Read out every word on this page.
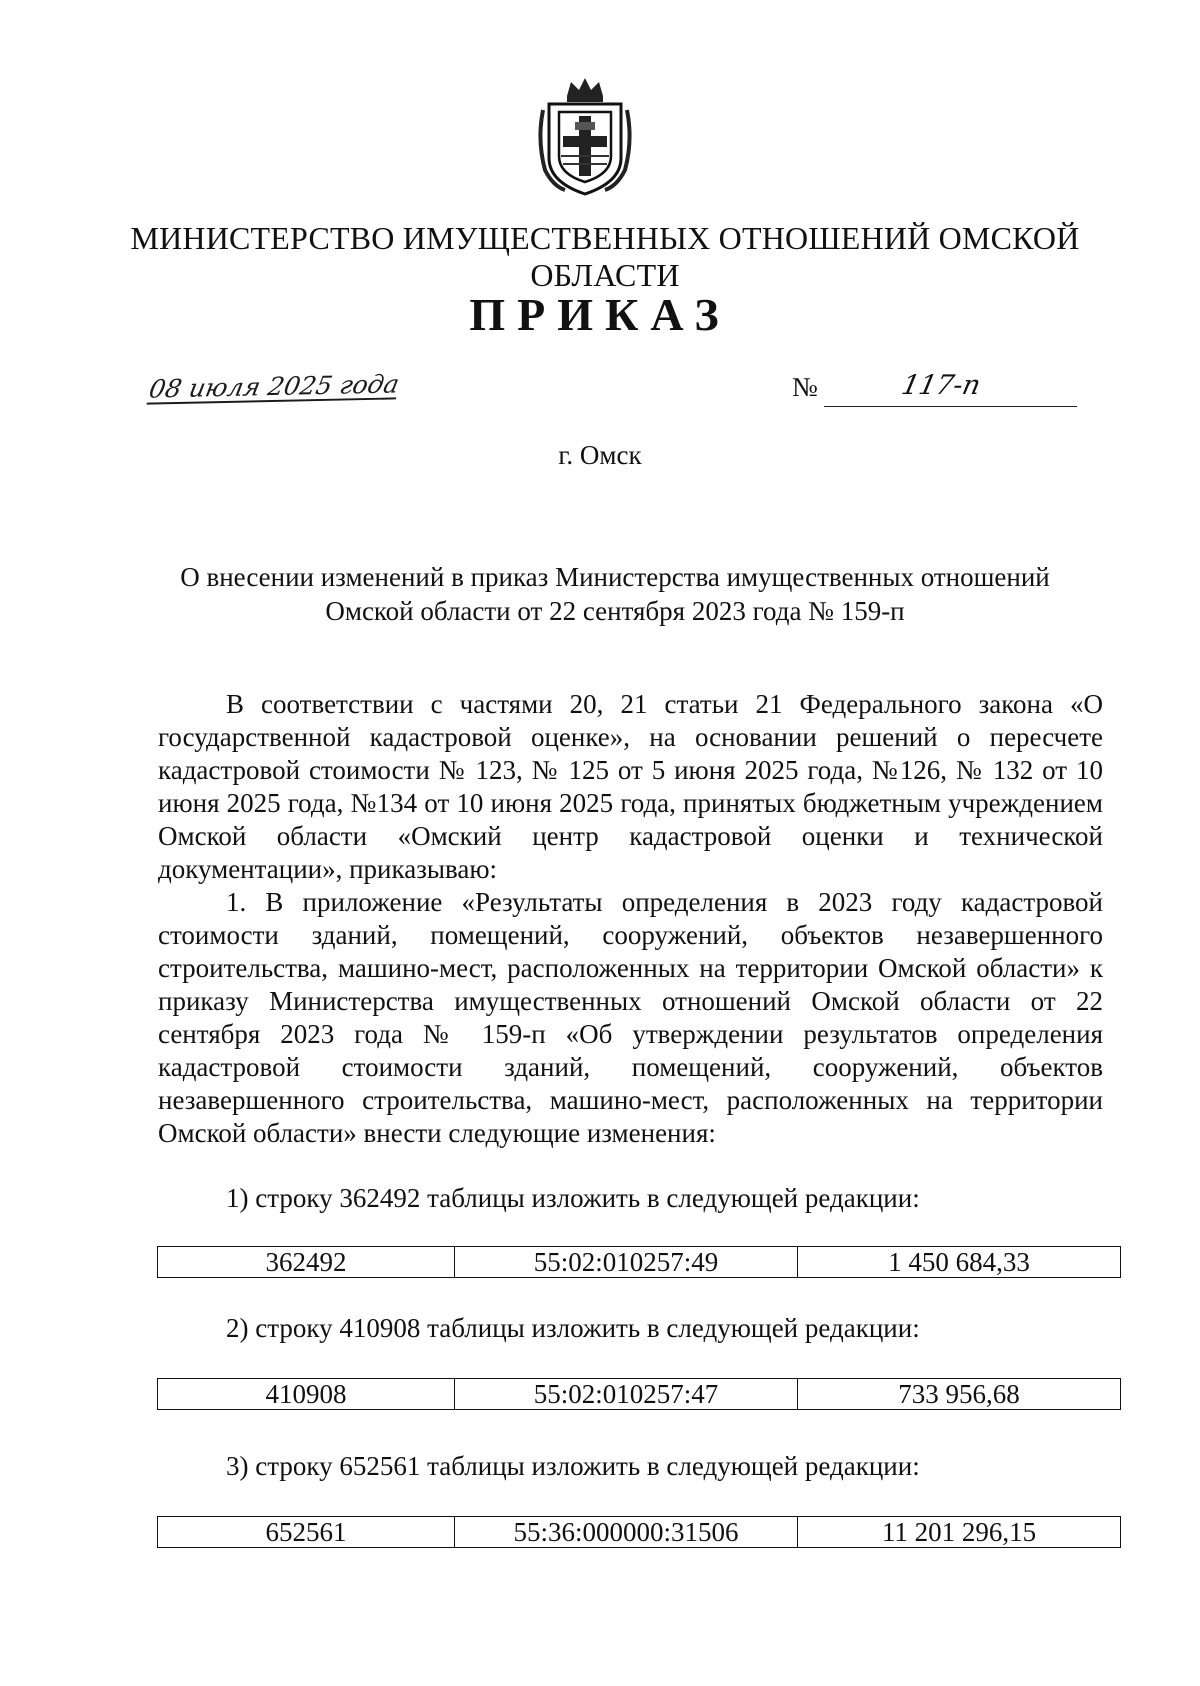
МИНИСТЕРСТВО ИМУЩЕСТВЕННЫХ ОТНОШЕНИЙ ОМСКОЙ ОБЛАСТИ
ПРИКАЗ
08 июля 2025 года	№	117-п
г. Омск
О внесении изменений в приказ Министерства имущественных отношений
Омской области от 22 сентября 2023 года № 159-п

В соответствии с частями 20, 21 статьи 21 Федерального закона «О государственной кадастровой оценке», на основании решений о пересчете кадастровой стоимости № 123, № 125 от 5 июня 2025 года, №126, № 132 от 10 июня 2025 года, №134 от 10 июня 2025 года, принятых бюджетным учреждением Омской области «Омский центр кадастровой оценки и технической документации», приказываю:

1. В приложение «Результаты определения в 2023 году кадастровой стоимости зданий, помещений, сооружений, объектов незавершенного строительства, машино-мест, расположенных на территории Омской области» к приказу Министерства имущественных отношений Омской области от 22 сентября 2023 года № 159-п «Об утверждении результатов определения кадастровой стоимости зданий, помещений, сооружений, объектов незавершенного строительства, машино-мест, расположенных на территории Омской области» внести следующие изменения:

1) строку 362492 таблицы изложить в следующей редакции:
362492	55:02:010257:49	1 450 684,33
2) строку 410908 таблицы изложить в следующей редакции:
410908	55:02:010257:47	733 956,68
3) строку 652561 таблицы изложить в следующей редакции:
652561	55:36:000000:31506	11 201 296,15
